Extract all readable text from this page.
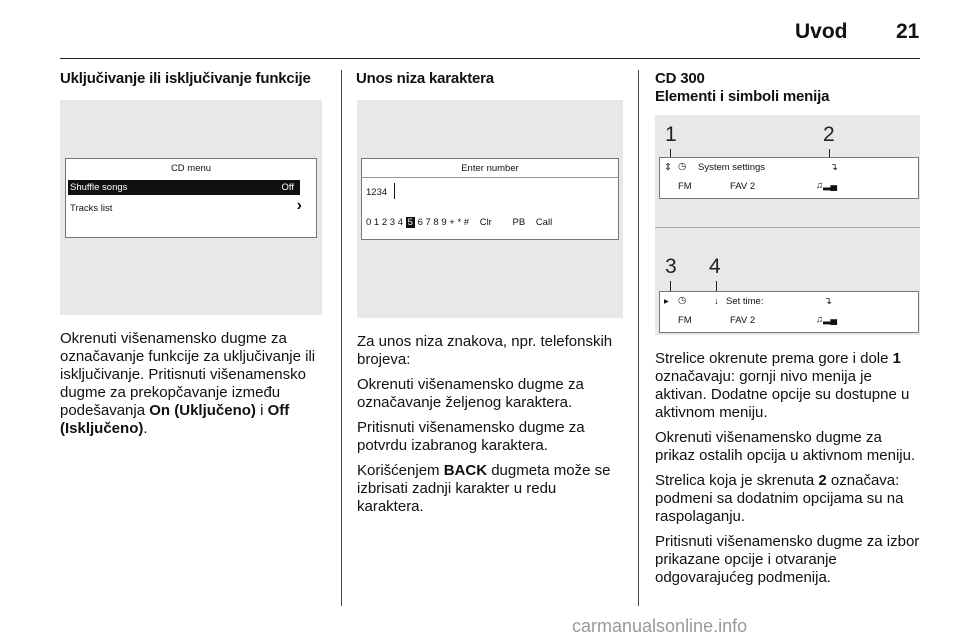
Uvod 21
Uključivanje ili isključivanje funkcije
CD menu
Shuffle songs	Off
Tracks list	›

Okrenuti višenamensko dugme za označavanje funkcije za uključivanje ili isključivanje. Pritisnuti višenamensko dugme za prekopčavanje između podešavanja On (Uključeno) i Off (Isključeno).

Unos niza karaktera
Enter number
1234
0 1 2 3 4 5 6 7 8 9 + * # Clr PB Call

Za unos niza znakova, npr. telefonskih brojeva:

Okrenuti višenamensko dugme za označavanje željenog karaktera.

Pritisnuti višenamensko dugme za potvrdu izabranog karaktera.

Korišćenjem BACK dugmeta može se izbrisati zadnji karakter u redu karaktera.

CD 300
Elementi i simboli menija
1	2
⇕ ◷ System settings	↴
FM	FAV 2	♫▂▄
3 4
▸ ◷	↓ Set time:	↴
FM	FAV 2	♫▂▄

Strelice okrenute prema gore i dole 1 označavaju: gornji nivo menija je aktivan. Dodatne opcije su dostupne u aktivnom meniju.

Okrenuti višenamensko dugme za prikaz ostalih opcija u aktivnom meniju.

Strelica koja je skrenuta 2 označava: podmeni sa dodatnim opcijama su na raspolaganju.

Pritisnuti višenamensko dugme za izbor prikazane opcije i otvaranje odgovarajućeg podmenija.

carmanualsonline.info
